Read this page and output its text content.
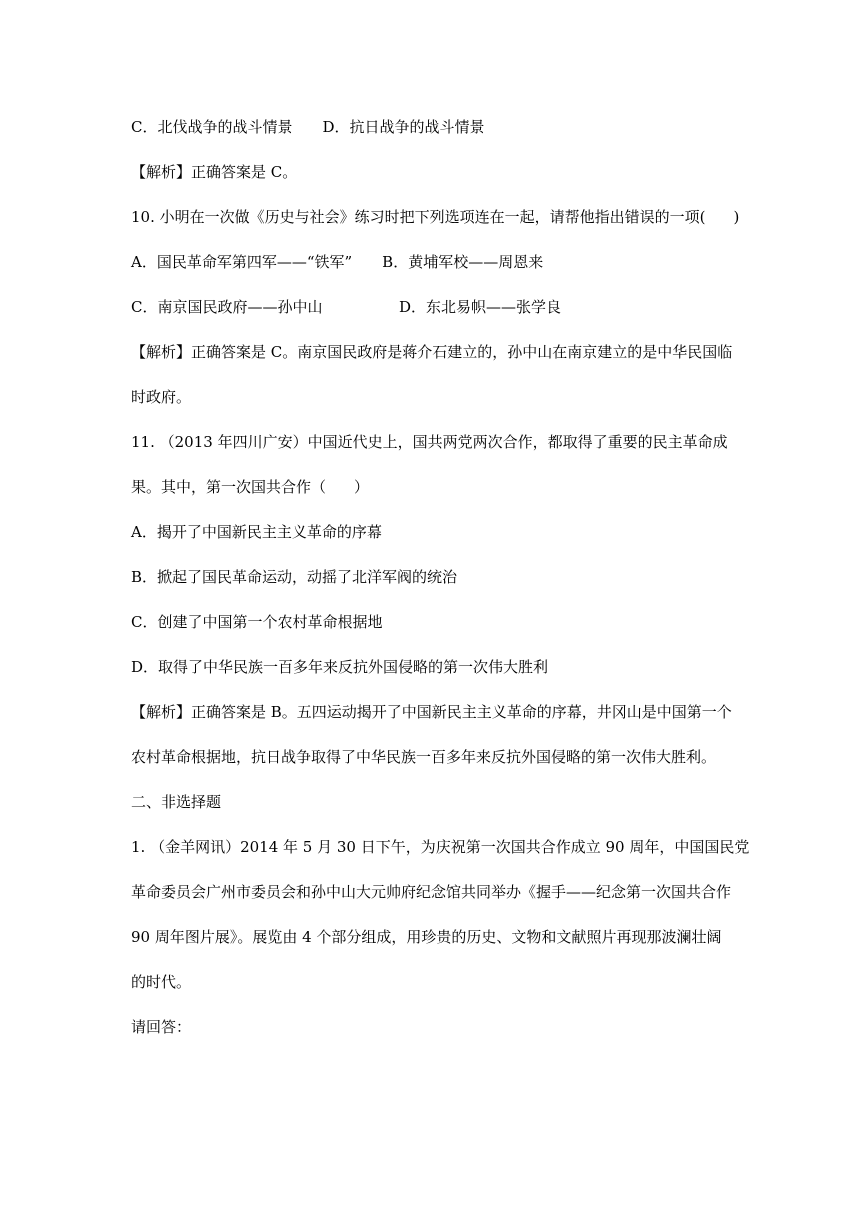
C．北伐战争的战斗情景 D．抗日战争的战斗情景
【解析】正确答案是 C。
10. 小明在一次做《历史与社会》练习时把下列选项连在一起，请帮他指出错误的一项( )
A．国民革命军第四军——“铁军” B．黄埔军校——周恩来
C．南京国民政府——孙中山	D．东北易帜——张学良
【解析】正确答案是 C。南京国民政府是蒋介石建立的，孙中山在南京建立的是中华民国临
时政府。
11. （2013 年四川广安）中国近代史上，国共两党两次合作，都取得了重要的民主革命成
果。其中，第一次国共合作（ ）
A．揭开了中国新民主主义革命的序幕
B．掀起了国民革命运动，动摇了北洋军阀的统治
C．创建了中国第一个农村革命根据地
D．取得了中华民族一百多年来反抗外国侵略的第一次伟大胜利
【解析】正确答案是 B。五四运动揭开了中国新民主主义革命的序幕，井冈山是中国第一个
农村革命根据地，抗日战争取得了中华民族一百多年来反抗外国侵略的第一次伟大胜利。
二、非选择题
1. （金羊网讯）2014 年 5 月 30 日下午，为庆祝第一次国共合作成立 90 周年，中国国民党
革命委员会广州市委员会和孙中山大元帅府纪念馆共同举办《握手——纪念第一次国共合作
90 周年图片展》。展览由 4 个部分组成，用珍贵的历史、文物和文献照片再现那波澜壮阔
的时代。
请回答：
